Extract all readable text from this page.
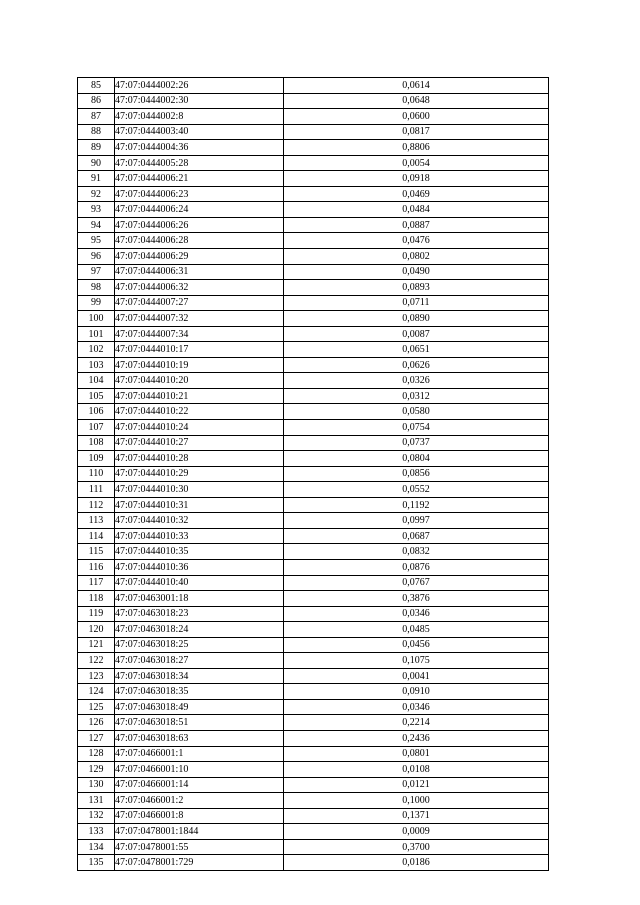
85	47:07:0444002:26	0,0614
86	47:07:0444002:30	0,0648
87	47:07:0444002:8	0,0600
88	47:07:0444003:40	0,0817
89	47:07:0444004:36	0,8806
90	47:07:0444005:28	0,0054
91	47:07:0444006:21	0,0918
92	47:07:0444006:23	0,0469
93	47:07:0444006:24	0,0484
94	47:07:0444006:26	0,0887
95	47:07:0444006:28	0,0476
96	47:07:0444006:29	0,0802
97	47:07:0444006:31	0,0490
98	47:07:0444006:32	0,0893
99	47:07:0444007:27	0,0711
100	47:07:0444007:32	0,0890
101	47:07:0444007:34	0,0087
102	47:07:0444010:17	0,0651
103	47:07:0444010:19	0,0626
104	47:07:0444010:20	0,0326
105	47:07:0444010:21	0,0312
106	47:07:0444010:22	0,0580
107	47:07:0444010:24	0,0754
108	47:07:0444010:27	0,0737
109	47:07:0444010:28	0,0804
110	47:07:0444010:29	0,0856
111	47:07:0444010:30	0,0552
112	47:07:0444010:31	0,1192
113	47:07:0444010:32	0,0997
114	47:07:0444010:33	0,0687
115	47:07:0444010:35	0,0832
116	47:07:0444010:36	0,0876
117	47:07:0444010:40	0,0767
118	47:07:0463001:18	0,3876
119	47:07:0463018:23	0,0346
120	47:07:0463018:24	0,0485
121	47:07:0463018:25	0,0456
122	47:07:0463018:27	0,1075
123	47:07:0463018:34	0,0041
124	47:07:0463018:35	0,0910
125	47:07:0463018:49	0,0346
126	47:07:0463018:51	0,2214
127	47:07:0463018:63	0,2436
128	47:07:0466001:1	0,0801
129	47:07:0466001:10	0,0108
130	47:07:0466001:14	0,0121
131	47:07:0466001:2	0,1000
132	47:07:0466001:8	0,1371
133	47:07:0478001:1844	0,0009
134	47:07:0478001:55	0,3700
135	47:07:0478001:729	0,0186
